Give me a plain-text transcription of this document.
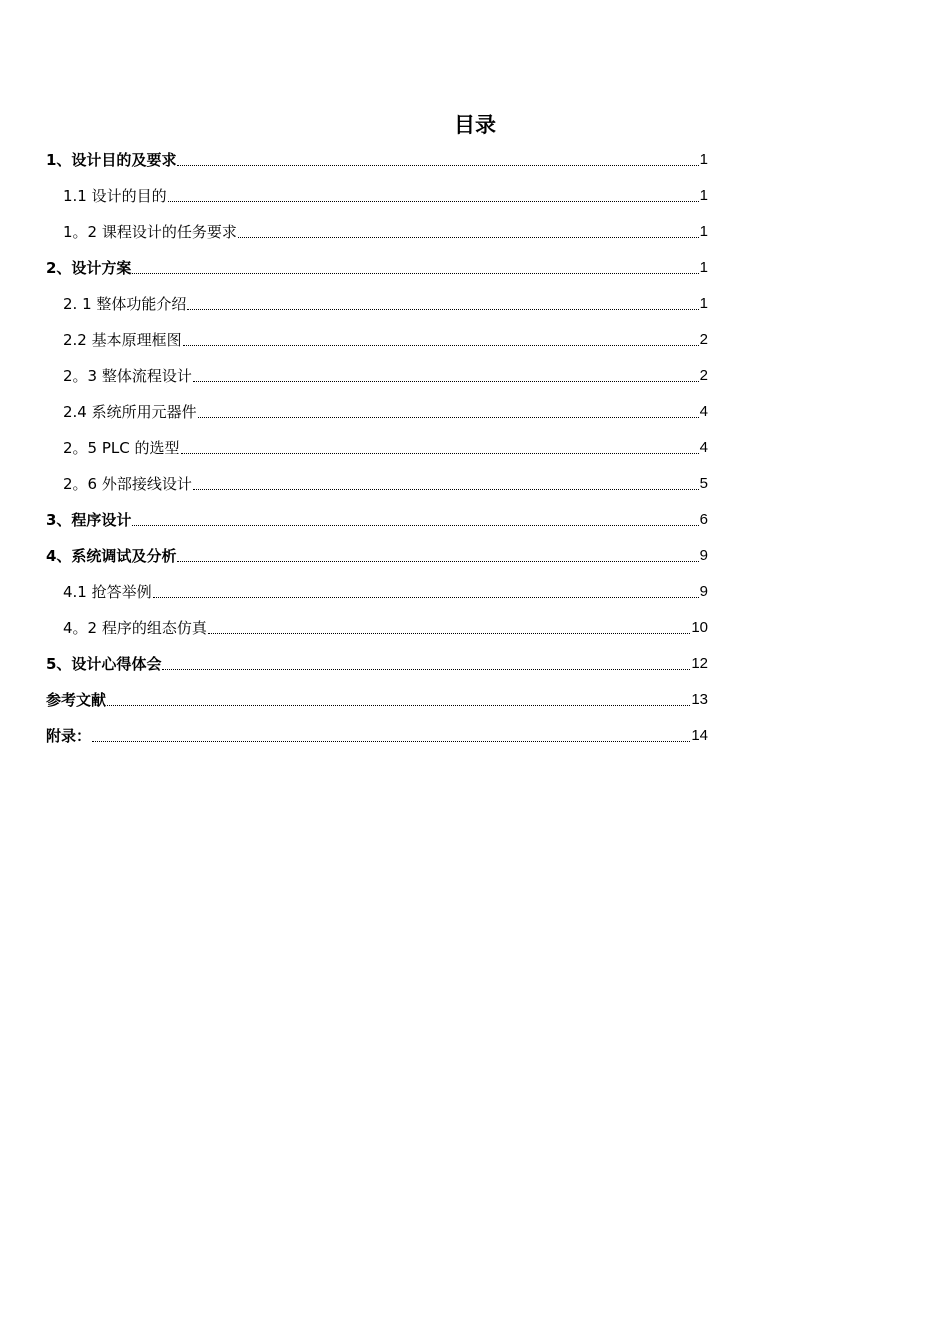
目录
1、设计目的及要求	1
1.1 设计的目的	1
1。2 课程设计的任务要求	1
2、设计方案	1
2. 1 整体功能介绍	1
2.2 基本原理框图	2
2。3 整体流程设计	2
2.4 系统所用元器件	4
2。5 PLC 的选型	4
2。6 外部接线设计	5
3、程序设计	6
4、系统调试及分析	9
4.1 抢答举例	9
4。2 程序的组态仿真	10
5、设计心得体会	12
参考文献	13
附录：	14
